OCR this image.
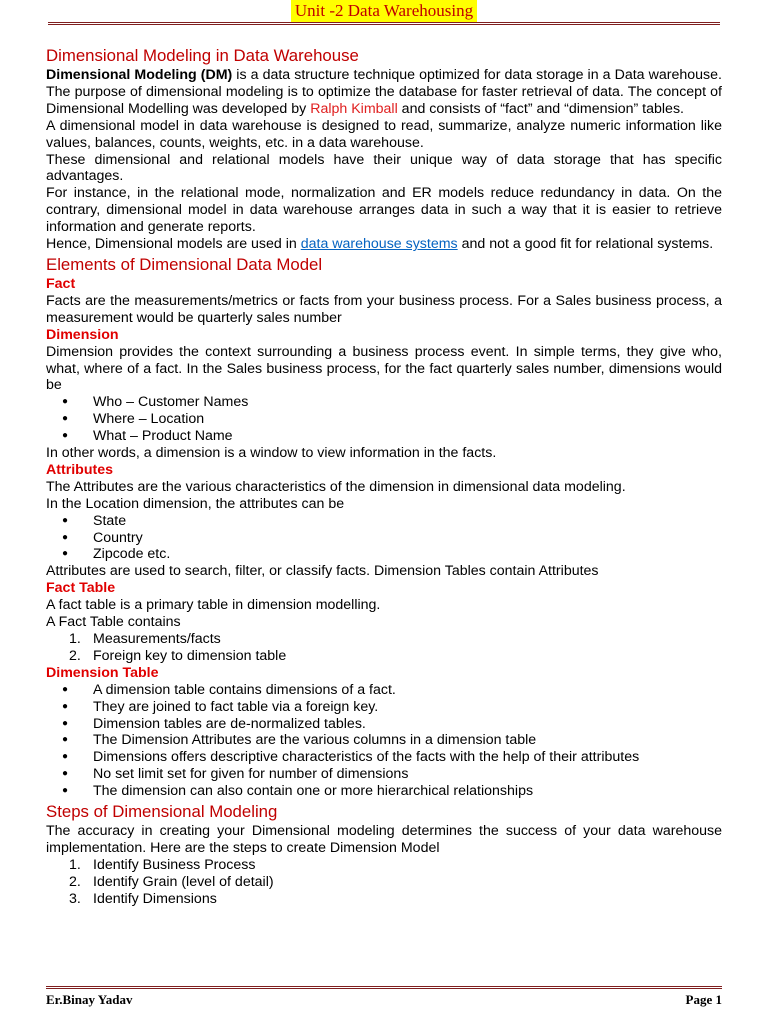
Unit -2 Data Warehousing
Dimensional Modeling in Data Warehouse

Dimensional Modeling (DM) is a data structure technique optimized for data storage in a Data warehouse. The purpose of dimensional modeling is to optimize the database for faster retrieval of data. The concept of Dimensional Modelling was developed by Ralph Kimball and consists of “fact” and “dimension” tables.

A dimensional model in data warehouse is designed to read, summarize, analyze numeric information like values, balances, counts, weights, etc. in a data warehouse.

These dimensional and relational models have their unique way of data storage that has specific advantages.

For instance, in the relational mode, normalization and ER models reduce redundancy in data. On the contrary, dimensional model in data warehouse arranges data in such a way that it is easier to retrieve information and generate reports.

Hence, Dimensional models are used in data warehouse systems and not a good fit for relational systems.

Elements of Dimensional Data Model
Fact

Facts are the measurements/metrics or facts from your business process. For a Sales business process, a measurement would be quarterly sales number

Dimension

Dimension provides the context surrounding a business process event. In simple terms, they give who, what, where of a fact. In the Sales business process, for the fact quarterly sales number, dimensions would be

● Who – Customer Names
● Where – Location
● What – Product Name

In other words, a dimension is a window to view information in the facts.

Attributes

The Attributes are the various characteristics of the dimension in dimensional data modeling.

In the Location dimension, the attributes can be

● State
● Country
● Zipcode etc.

Attributes are used to search, filter, or classify facts. Dimension Tables contain Attributes

Fact Table

A fact table is a primary table in dimension modelling.

A Fact Table contains

1. Measurements/facts
2. Foreign key to dimension table
Dimension Table
● A dimension table contains dimensions of a fact.
● They are joined to fact table via a foreign key.
● Dimension tables are de-normalized tables.
● The Dimension Attributes are the various columns in a dimension table
● Dimensions offers descriptive characteristics of the facts with the help of their attributes
● No set limit set for given for number of dimensions
● The dimension can also contain one or more hierarchical relationships
Steps of Dimensional Modeling

The accuracy in creating your Dimensional modeling determines the success of your data warehouse implementation. Here are the steps to create Dimension Model

1. Identify Business Process
2. Identify Grain (level of detail)
3. Identify Dimensions
Er.Binay Yadav	Page 1
